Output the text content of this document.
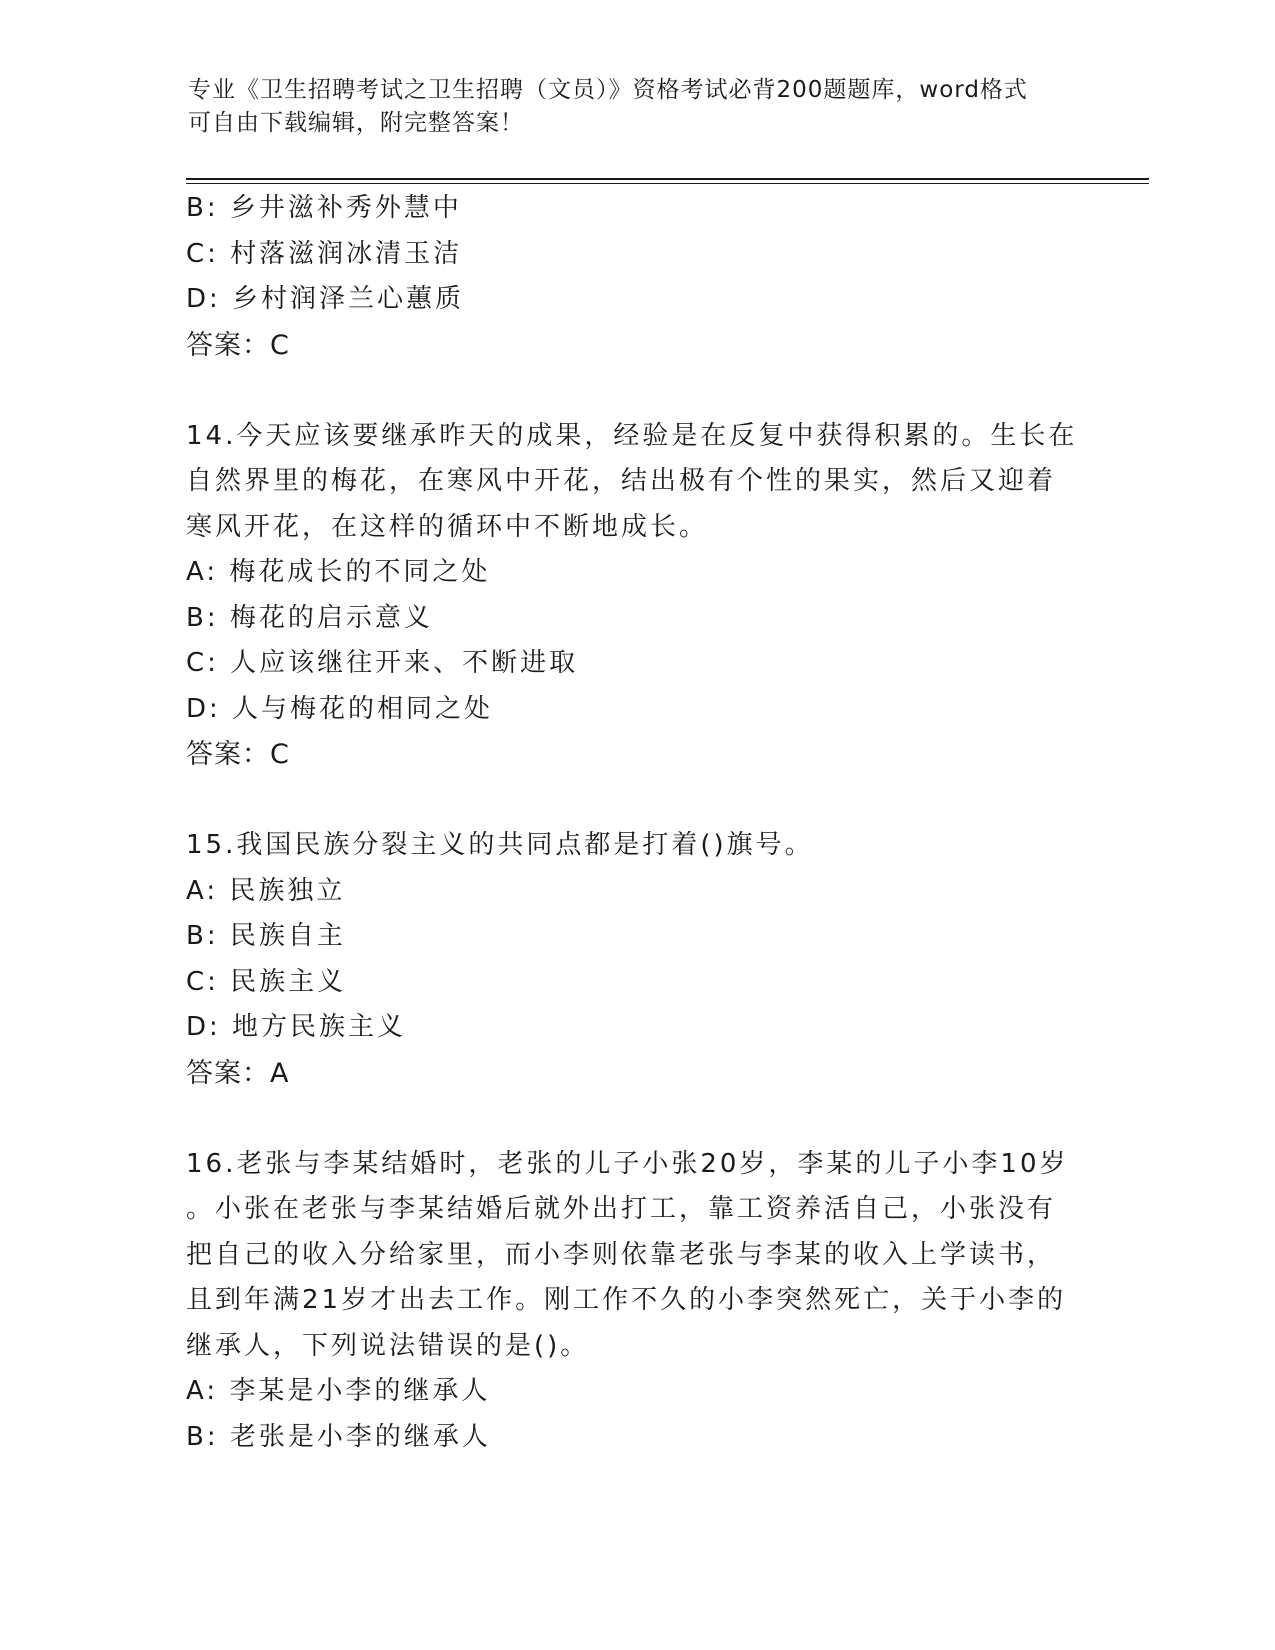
专业《卫生招聘考试之卫生招聘（文员）》资格考试必背200题题库，word格式
可自由下载编辑，附完整答案！
B: 乡井滋补秀外慧中
C: 村落滋润冰清玉洁
D: 乡村润泽兰心蕙质
答案：C
14.今天应该要继承昨天的成果，经验是在反复中获得积累的。生长在
自然界里的梅花，在寒风中开花，结出极有个性的果实，然后又迎着
寒风开花，在这样的循环中不断地成长。
A: 梅花成长的不同之处
B: 梅花的启示意义
C: 人应该继往开来、不断进取
D: 人与梅花的相同之处
答案：C
15.我国民族分裂主义的共同点都是打着()旗号。
A: 民族独立
B: 民族自主
C: 民族主义
D: 地方民族主义
答案：A
16.老张与李某结婚时，老张的儿子小张20岁，李某的儿子小李10岁
。小张在老张与李某结婚后就外出打工，靠工资养活自己，小张没有
把自己的收入分给家里，而小李则依靠老张与李某的收入上学读书，
且到年满21岁才出去工作。刚工作不久的小李突然死亡，关于小李的
继承人，下列说法错误的是()。
A: 李某是小李的继承人
B: 老张是小李的继承人
